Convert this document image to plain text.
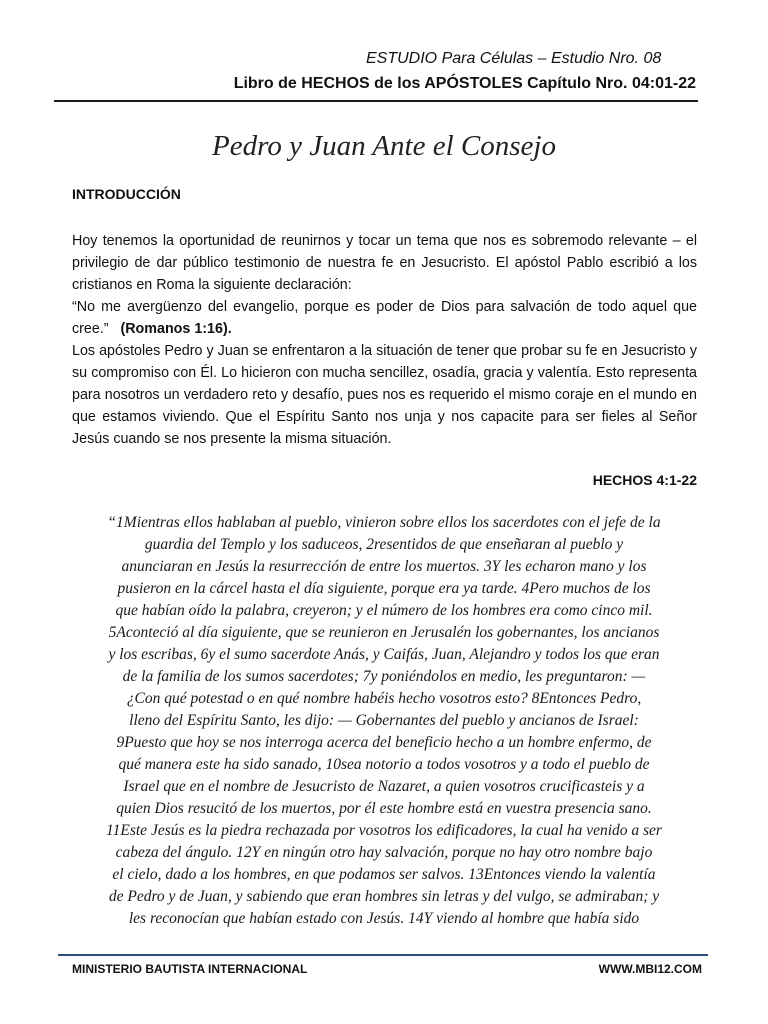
ESTUDIO Para Células – Estudio Nro. 08
Libro de HECHOS de los APÓSTOLES Capítulo Nro. 04:01-22
Pedro y Juan Ante el Consejo
INTRODUCCIÓN

Hoy tenemos la oportunidad de reunirnos y tocar un tema que nos es sobremodo relevante – el privilegio de dar público testimonio de nuestra fe en Jesucristo. El apóstol Pablo escribió a los cristianos en Roma la siguiente declaración:

“No me avergüenzo del evangelio, porque es poder de Dios para salvación de todo aquel que cree.” (Romanos 1:16).

Los apóstoles Pedro y Juan se enfrentaron a la situación de tener que probar su fe en Jesucristo y su compromiso con Él. Lo hicieron con mucha sencillez, osadía, gracia y valentía. Esto representa para nosotros un verdadero reto y desafío, pues nos es requerido el mismo coraje en el mundo en que estamos viviendo. Que el Espíritu Santo nos unja y nos capacite para ser fieles al Señor Jesús cuando se nos presente la misma situación.

HECHOS 4:1-22
“1Mientras ellos hablaban al pueblo, vinieron sobre ellos los sacerdotes con el jefe de la
guardia del Templo y los saduceos, 2resentidos de que enseñaran al pueblo y
anunciaran en Jesús la resurrección de entre los muertos. 3Y les echaron mano y los
pusieron en la cárcel hasta el día siguiente, porque era ya tarde. 4Pero muchos de los
que habían oído la palabra, creyeron; y el número de los hombres era como cinco mil.
5Aconteció al día siguiente, que se reunieron en Jerusalén los gobernantes, los ancianos
y los escribas, 6y el sumo sacerdote Anás, y Caifás, Juan, Alejandro y todos los que eran
de la familia de los sumos sacerdotes; 7y poniéndolos en medio, les preguntaron: —
¿Con qué potestad o en qué nombre habéis hecho vosotros esto? 8Entonces Pedro,
lleno del Espíritu Santo, les dijo: — Gobernantes del pueblo y ancianos de Israel:
9Puesto que hoy se nos interroga acerca del beneficio hecho a un hombre enfermo, de
qué manera este ha sido sanado, 10sea notorio a todos vosotros y a todo el pueblo de
Israel que en el nombre de Jesucristo de Nazaret, a quien vosotros crucificasteis y a
quien Dios resucitó de los muertos, por él este hombre está en vuestra presencia sano.
11Este Jesús es la piedra rechazada por vosotros los edificadores, la cual ha venido a ser
cabeza del ángulo. 12Y en ningún otro hay salvación, porque no hay otro nombre bajo
el cielo, dado a los hombres, en que podamos ser salvos. 13Entonces viendo la valentía
de Pedro y de Juan, y sabiendo que eran hombres sin letras y del vulgo, se admiraban; y
les reconocían que habían estado con Jesús. 14Y viendo al hombre que había sido
MINISTERIO BAUTISTA INTERNACIONAL	WWW.MBI12.COM
